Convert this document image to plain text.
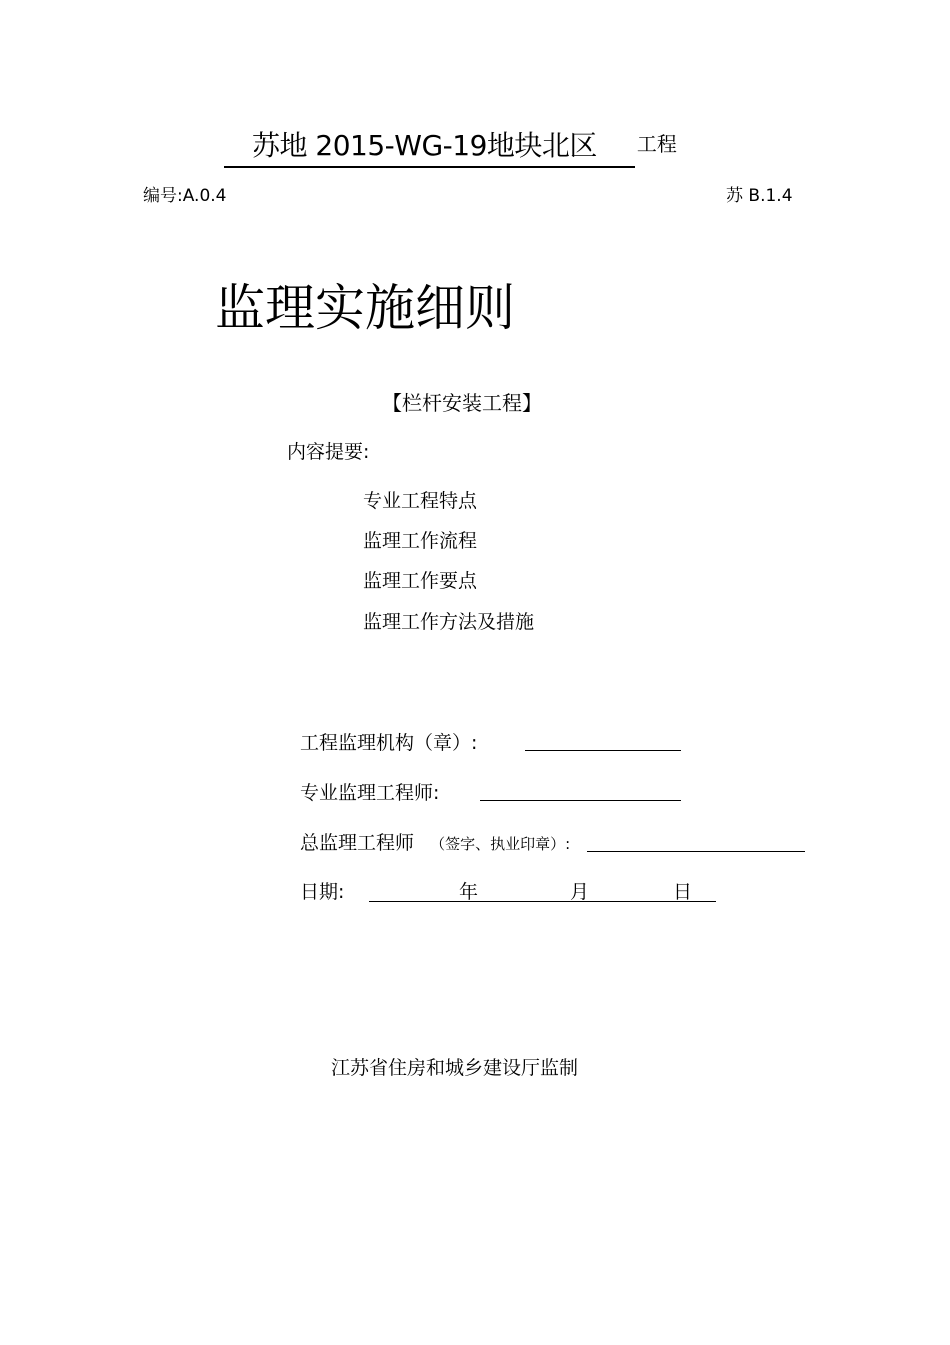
苏地 2015-WG-19地块北区 工程
编号:A.0.4	苏 B.1.4
监理实施细则
【栏杆安装工程】
内容提要:
专业工程特点
监理工作流程
监理工作要点
监理工作方法及措施
工程监理机构（章）:
专业监理工程师:
总监理工程师 （签字、执业印章）:
日期:	年	月	日
江苏省住房和城乡建设厅监制
